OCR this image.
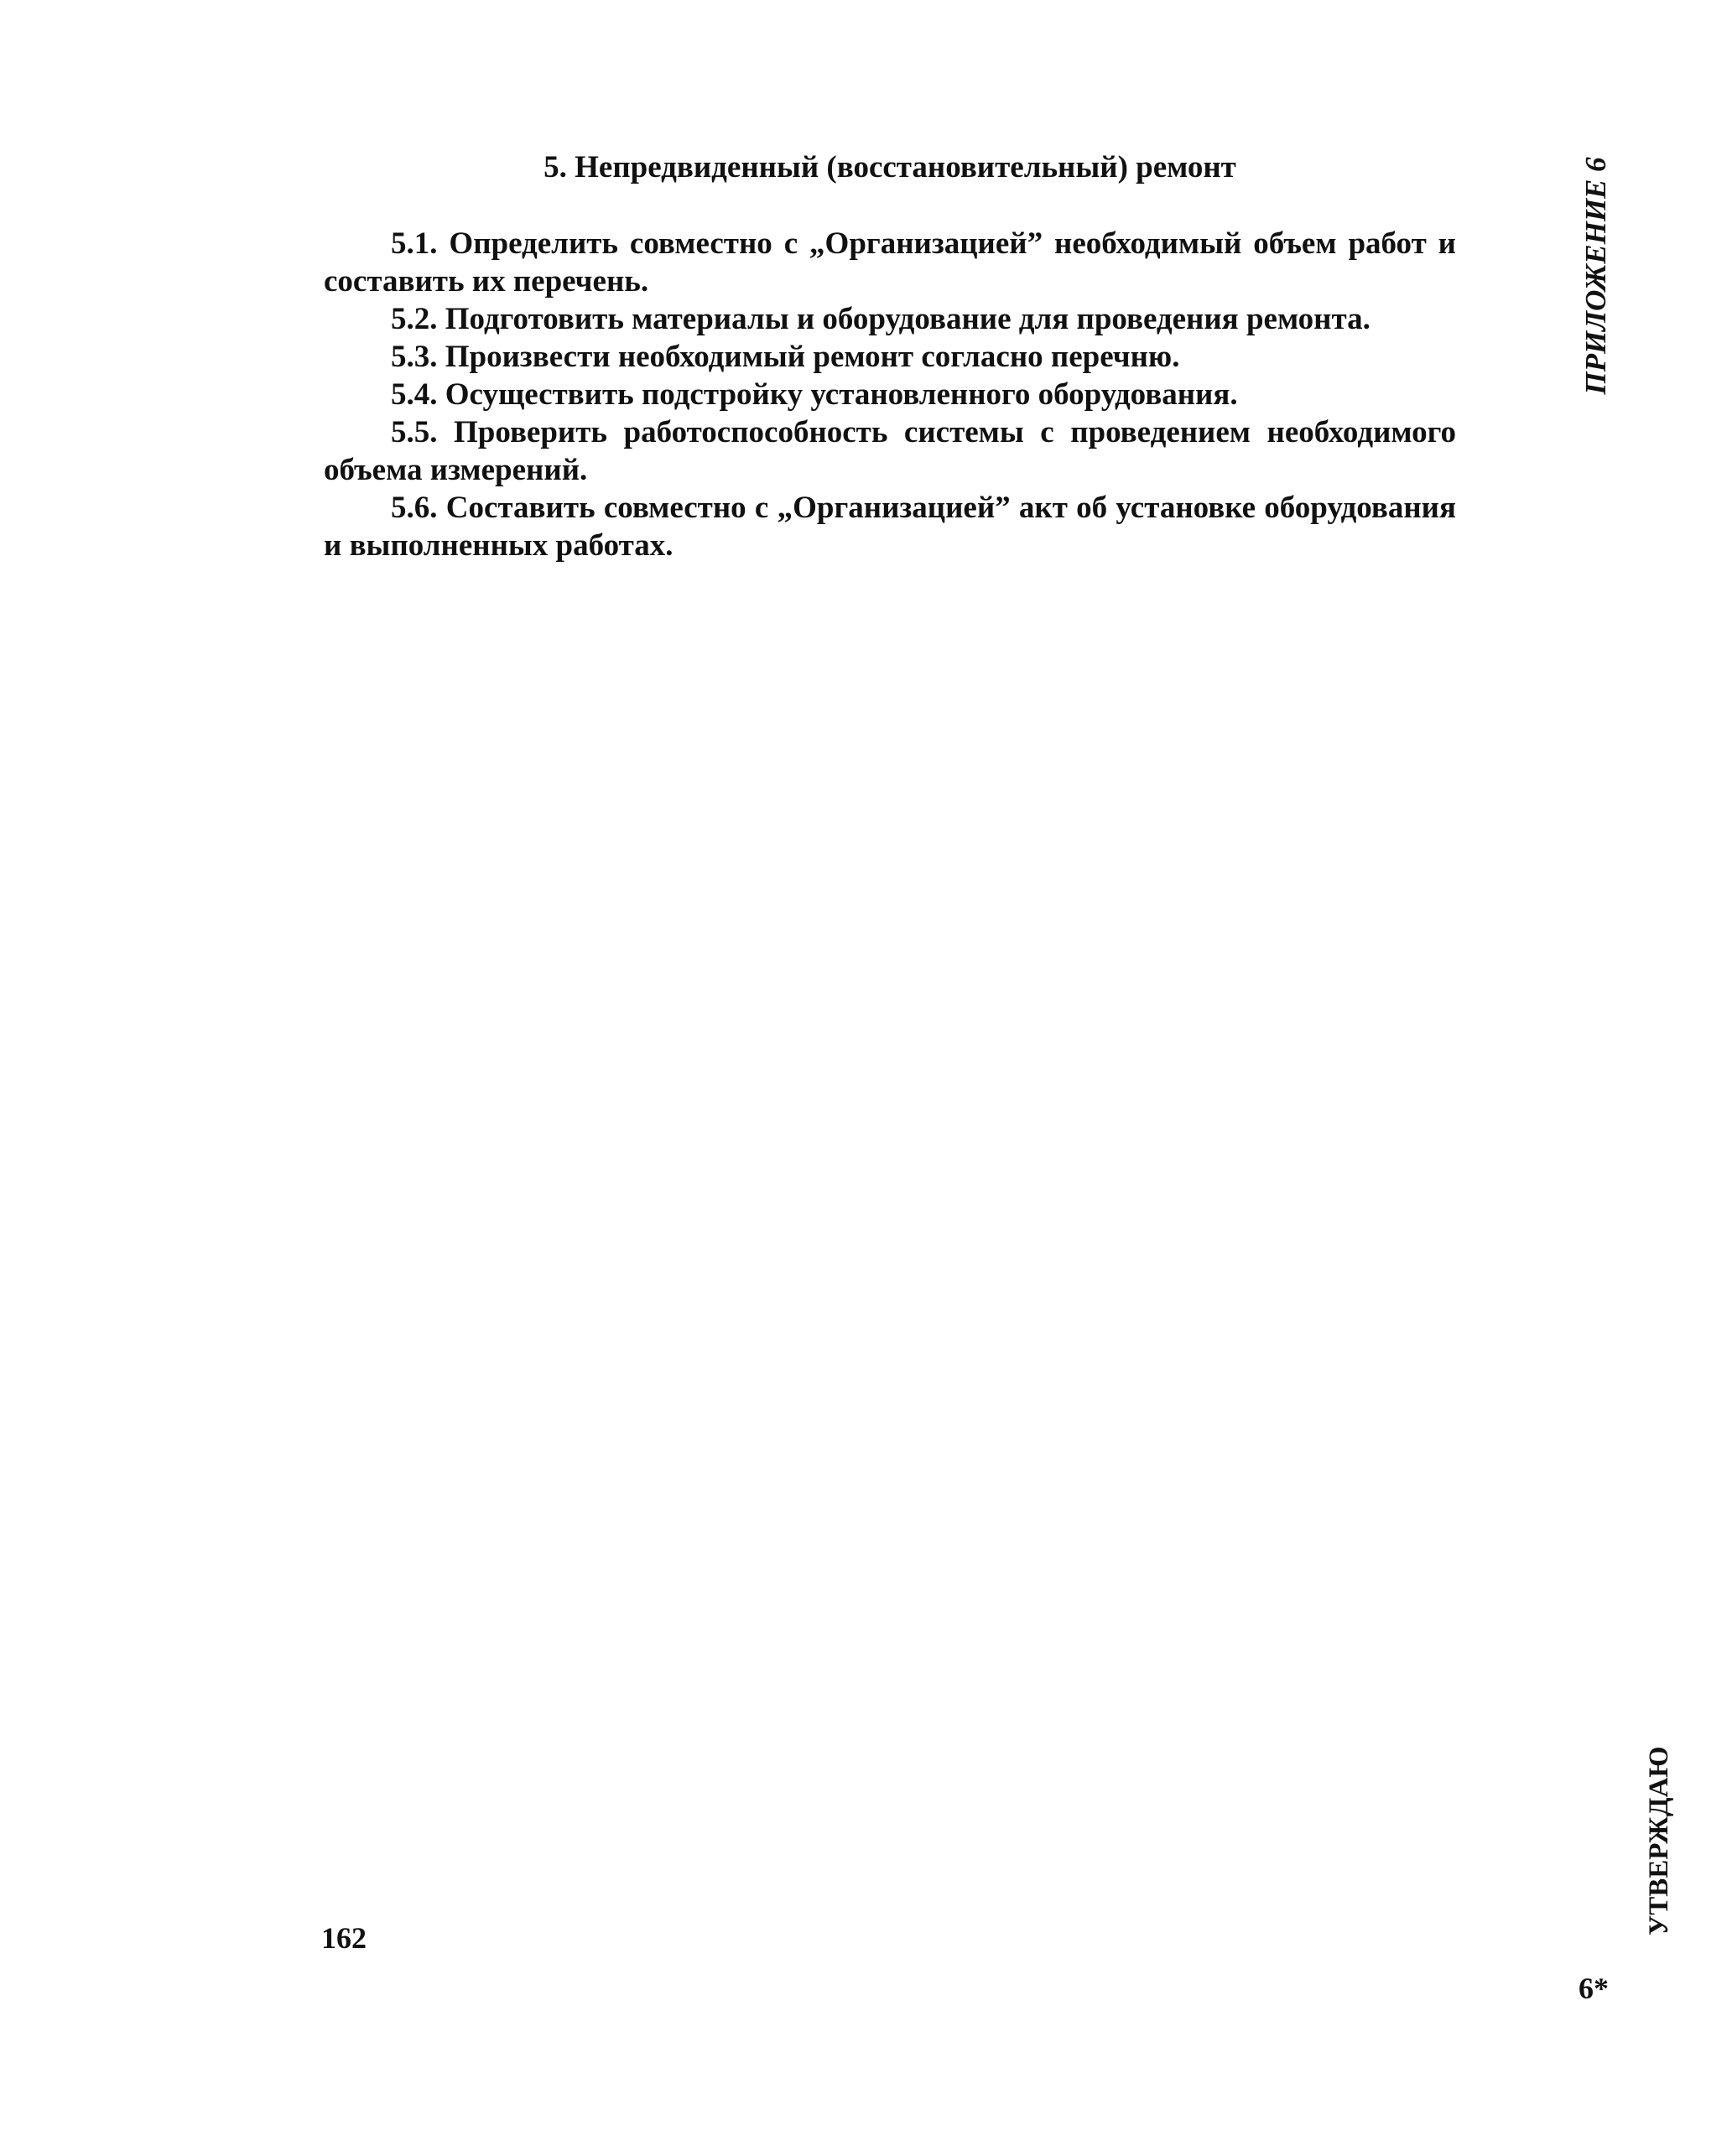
5. Непредвиденный (восстановительный) ремонт

5.1. Определить совместно с „Организацией” необходимый объем работ и составить их перечень.

5.2. Подготовить материалы и оборудование для проведения ремонта.

5.3. Произвести необходимый ремонт согласно перечню.

5.4. Осуществить подстройку установленного оборудования.

5.5. Проверить работоспособность системы с проведением необходимого объема измерений.

5.6. Составить совместно с „Организацией” акт об установке оборудования и выполненных работах.

ПРИЛОЖЕНИЕ 6
УТВЕРЖДАЮ
162
6*
